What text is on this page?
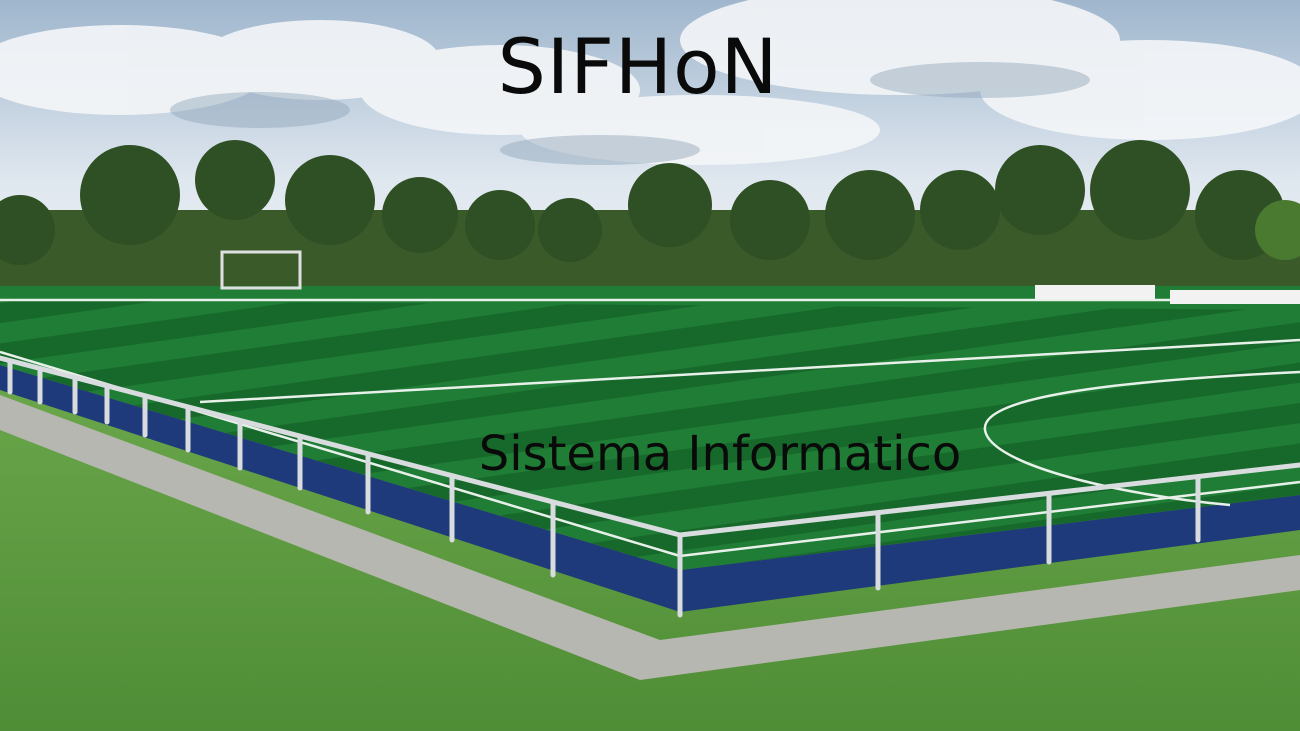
SIFHoN
Sistema Informatico
